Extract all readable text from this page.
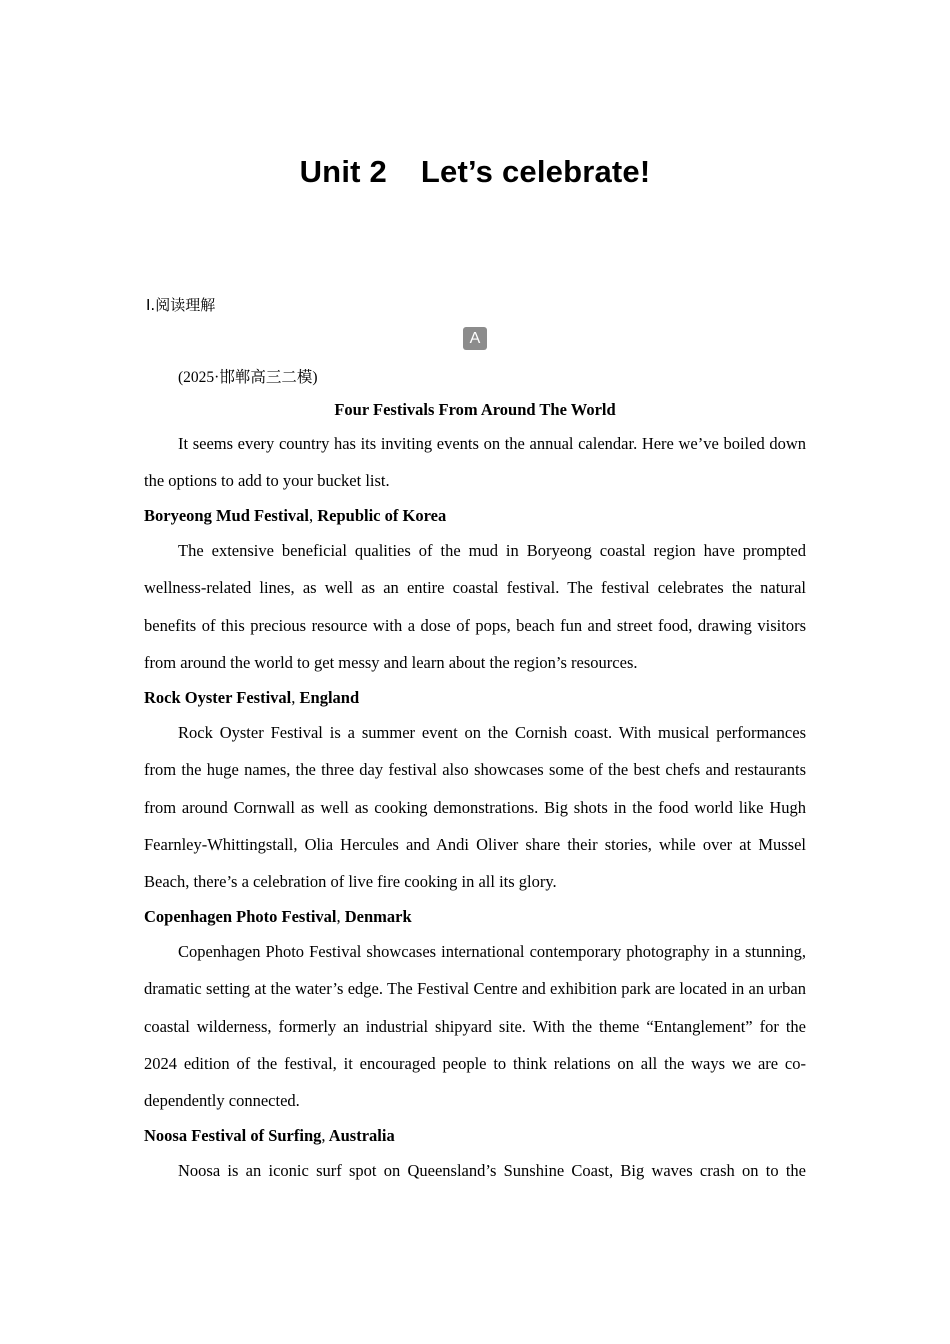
Unit 2 Let’s celebrate!
Ⅰ.阅读理解
A
(2025·邯郸高三二模)
Four Festivals From Around The World

It seems every country has its inviting events on the annual calendar. Here we’ve boiled down the options to add to your bucket list.

Boryeong Mud Festival, Republic of Korea

The extensive beneficial qualities of the mud in Boryeong coastal region have prompted wellness-related lines, as well as an entire coastal festival. The festival celebrates the natural benefits of this precious resource with a dose of pops, beach fun and street food, drawing visitors from around the world to get messy and learn about the region’s resources.

Rock Oyster Festival, England

Rock Oyster Festival is a summer event on the Cornish coast. With musical performances from the huge names, the three day festival also showcases some of the best chefs and restaurants from around Cornwall as well as cooking demonstrations. Big shots in the food world like Hugh Fearnley-Whittingstall, Olia Hercules and Andi Oliver share their stories, while over at Mussel Beach, there’s a celebration of live fire cooking in all its glory.

Copenhagen Photo Festival, Denmark

Copenhagen Photo Festival showcases international contemporary photography in a stunning, dramatic setting at the water’s edge. The Festival Centre and exhibition park are located in an urban coastal wilderness, formerly an industrial shipyard site. With the theme “Entanglement” for the 2024 edition of the festival, it encouraged people to think relations on all the ways we are co-dependently connected.

Noosa Festival of Surfing, Australia

Noosa is an iconic surf spot on Queensland’s Sunshine Coast, Big waves crash on to the
